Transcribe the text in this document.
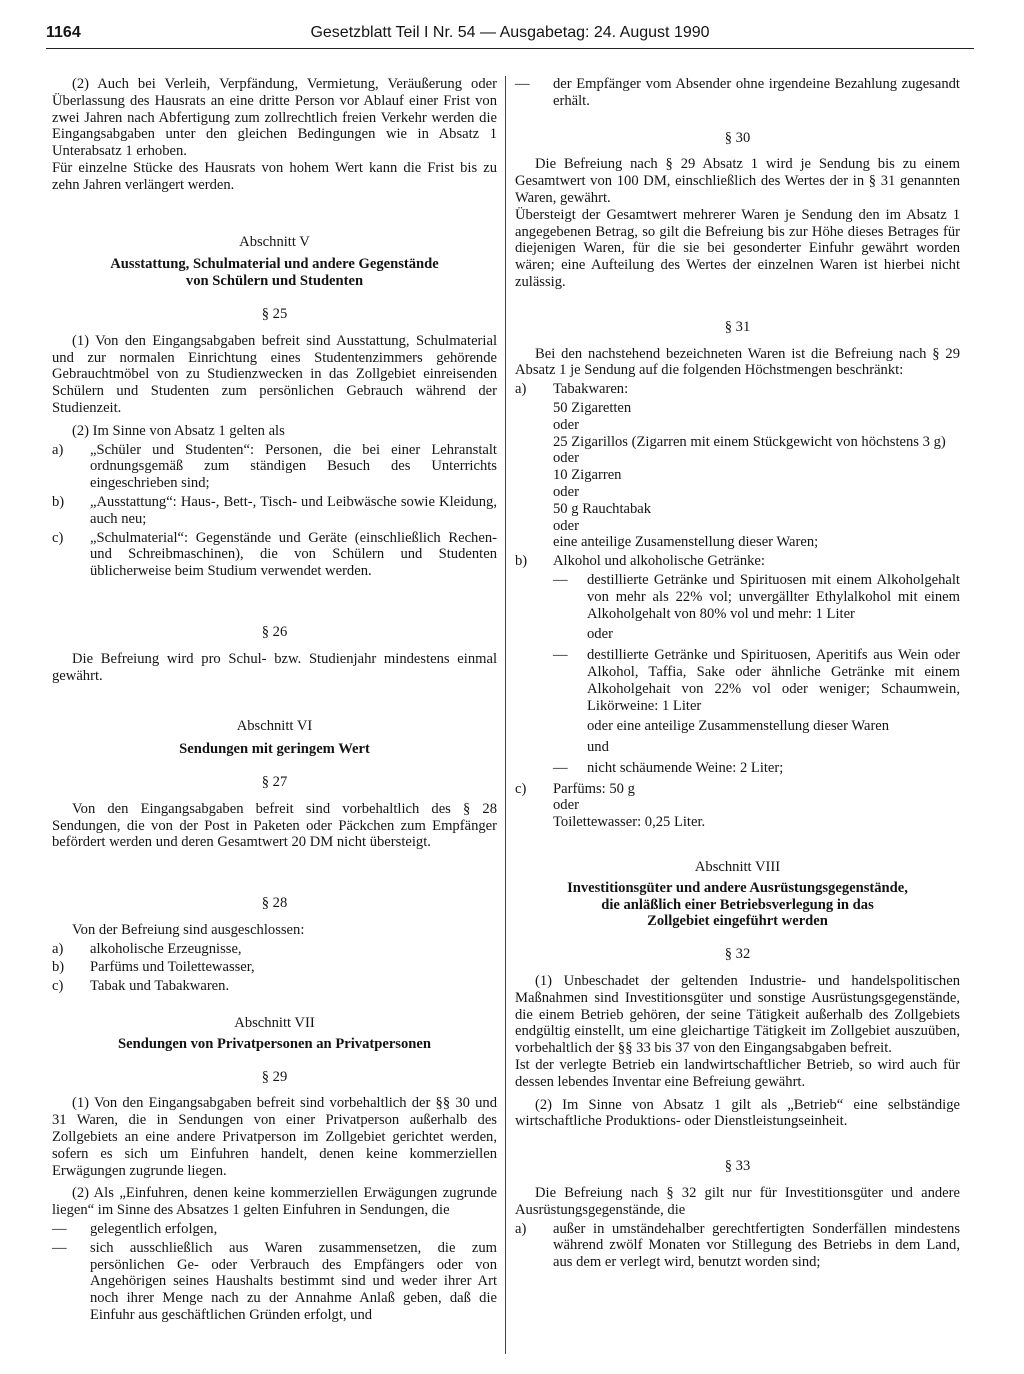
1164	Gesetzblatt Teil I Nr. 54 — Ausgabetag: 24. August 1990

(2) Auch bei Verleih, Verpfändung, Vermietung, Veräußerung oder Überlassung des Hausrats an eine dritte Person vor Ablauf einer Frist von zwei Jahren nach Abfertigung zum zollrechtlich freien Verkehr werden die Eingangsabgaben unter den gleichen Bedingungen wie in Absatz 1 Unterabsatz 1 erhoben.

Für einzelne Stücke des Hausrats von hohem Wert kann die Frist bis zu zehn Jahren verlängert werden.

Abschnitt V
Ausstattung, Schulmaterial und andere Gegenstände
von Schülern und Studenten
§ 25

(1) Von den Eingangsabgaben befreit sind Ausstattung, Schulmaterial und zur normalen Einrichtung eines Studentenzimmers gehörende Gebrauchtmöbel von zu Studienzwecken in das Zollgebiet einreisenden Schülern und Studenten zum persönlichen Gebrauch während der Studienzeit.

(2) Im Sinne von Absatz 1 gelten als

a)	„Schüler und Studenten“: Personen, die bei einer Lehranstalt ordnungsgemäß zum ständigen Besuch des Unterrichts eingeschrieben sind;
b)	„Ausstattung“: Haus-, Bett-, Tisch- und Leibwäsche sowie Kleidung, auch neu;
c)	„Schulmaterial“: Gegenstände und Geräte (einschließlich Rechen- und Schreibmaschinen), die von Schülern und Studenten üblicherweise beim Studium verwendet werden.
§ 26

Die Befreiung wird pro Schul- bzw. Studienjahr mindestens einmal gewährt.

Abschnitt VI
Sendungen mit geringem Wert
§ 27

Von den Eingangsabgaben befreit sind vorbehaltlich des § 28 Sendungen, die von der Post in Paketen oder Päckchen zum Empfänger befördert werden und deren Gesamtwert 20 DM nicht übersteigt.

§ 28

Von der Befreiung sind ausgeschlossen:

a)	alkoholische Erzeugnisse,
b)	Parfüms und Toilettewasser,
c)	Tabak und Tabakwaren.
Abschnitt VII
Sendungen von Privatpersonen an Privatpersonen
§ 29

(1) Von den Eingangsabgaben befreit sind vorbehaltlich der §§ 30 und 31 Waren, die in Sendungen von einer Privatperson außerhalb des Zollgebiets an eine andere Privatperson im Zollgebiet gerichtet werden, sofern es sich um Einfuhren handelt, denen keine kommerziellen Erwägungen zugrunde liegen.

(2) Als „Einfuhren, denen keine kommerziellen Erwägungen zugrunde liegen“ im Sinne des Absatzes 1 gelten Einfuhren in Sendungen, die

—	gelegentlich erfolgen,
—	sich ausschließlich aus Waren zusammensetzen, die zum persönlichen Ge- oder Verbrauch des Empfängers oder von Angehörigen seines Haushalts bestimmt sind und weder ihrer Art noch ihrer Menge nach zu der Annahme Anlaß geben, daß die Einfuhr aus geschäftlichen Gründen erfolgt, und
—	der Empfänger vom Absender ohne irgendeine Bezahlung zugesandt erhält.
§ 30

Die Befreiung nach § 29 Absatz 1 wird je Sendung bis zu einem Gesamtwert von 100 DM, einschließlich des Wertes der in § 31 genannten Waren, gewährt.

Übersteigt der Gesamtwert mehrerer Waren je Sendung den im Absatz 1 angegebenen Betrag, so gilt die Befreiung bis zur Höhe dieses Betrages für diejenigen Waren, für die sie bei gesonderter Einfuhr gewährt worden wären; eine Aufteilung des Wertes der einzelnen Waren ist hierbei nicht zulässig.

§ 31

Bei den nachstehend bezeichneten Waren ist die Befreiung nach § 29 Absatz 1 je Sendung auf die folgenden Höchstmengen beschränkt:

a)	Tabakwaren:
50 Zigaretten
oder
25 Zigarillos (Zigarren mit einem Stückgewicht von höchstens 3 g)
oder
10 Zigarren
oder
50 g Rauchtabak
oder
eine anteilige Zusamenstellung dieser Waren;
b)	Alkohol und alkoholische Getränke:
—	destillierte Getränke und Spirituosen mit einem Alkoholgehalt von mehr als 22% vol; unvergällter Ethylalkohol mit einem Alkoholgehalt von 80% vol und mehr: 1 Liter
oder
—	destillierte Getränke und Spirituosen, Aperitifs aus Wein oder Alkohol, Taffia, Sake oder ähnliche Getränke mit einem Alkoholgehait von 22% vol oder weniger; Schaumwein, Likörweine: 1 Liter
oder eine anteilige Zusammenstellung dieser Waren
und
—	nicht schäumende Weine: 2 Liter;
c)	Parfüms: 50 g
oder
Toilettewasser: 0,25 Liter.
Abschnitt VIII
Investitionsgüter und andere Ausrüstungsgegenstände,
die anläßlich einer Betriebsverlegung in das
Zollgebiet eingeführt werden
§ 32

(1) Unbeschadet der geltenden Industrie- und handelspolitischen Maßnahmen sind Investitionsgüter und sonstige Ausrüstungsgegenstände, die einem Betrieb gehören, der seine Tätigkeit außerhalb des Zollgebiets endgültig einstellt, um eine gleichartige Tätigkeit im Zollgebiet auszuüben, vorbehaltlich der §§ 33 bis 37 von den Eingangsabgaben befreit.

Ist der verlegte Betrieb ein landwirtschaftlicher Betrieb, so wird auch für dessen lebendes Inventar eine Befreiung gewährt.

(2) Im Sinne von Absatz 1 gilt als „Betrieb“ eine selbständige wirtschaftliche Produktions- oder Dienstleistungseinheit.

§ 33

Die Befreiung nach § 32 gilt nur für Investitionsgüter und andere Ausrüstungsgegenstände, die

a)	außer in umständehalber gerechtfertigten Sonderfällen mindestens während zwölf Monaten vor Stillegung des Betriebs in dem Land, aus dem er verlegt wird, benutzt worden sind;
